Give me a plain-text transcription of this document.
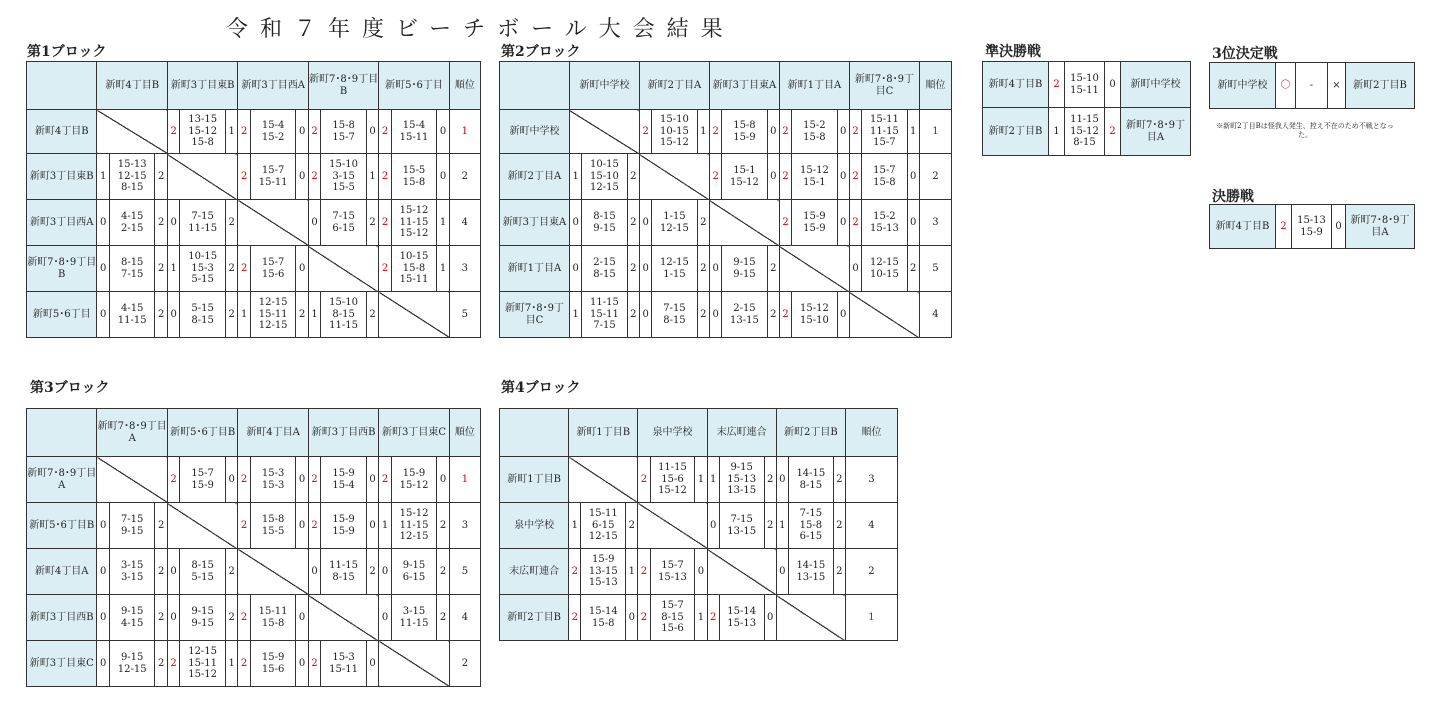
令和７年度ビーチボール大会結果
第1ブロック
	新町4丁目B			新町3丁目東B			新町3丁目西A			新町7･8･9丁目B			新町5･6丁目			順位
新町4丁目B				2	13-15
15-12
15-8	1	2	15-4
15-2	0	2	15-8
15-7	0	2	15-4
15-11	0	1
新町3丁目東B	1	15-13
12-15
8-15	2				2	15-7
15-11	0	2	15-10
3-15
15-5	1	2	15-5
15-8	0	2
新町3丁目西A	0	4-15
2-15	2	0	7-15
11-15	2				0	7-15
6-15	2	2	15-12
11-15
15-12	1	4
新町7･8･9丁目B	0	8-15
7-15	2	1	10-15
15-3
5-15	2	2	15-7
15-6	0				2	10-15
15-8
15-11	1	3
新町5･6丁目	0	4-15
11-15	2	0	5-15
8-15	2	1	12-15
15-11
12-15	2	1	15-10
8-15
11-15	2				5
第2ブロック
	新町中学校			新町2丁目A			新町3丁目東A			新町1丁目A			新町7･8･9丁目C			順位
新町中学校				2	15-10
10-15
15-12	1	2	15-8
15-9	0	2	15-2
15-8	0	2	15-11
11-15
15-7	1	1
新町2丁目A	1	10-15
15-10
12-15	2				2	15-1
15-12	0	2	15-12
15-1	0	2	15-7
15-8	0	2
新町3丁目東A	0	8-15
9-15	2	0	1-15
12-15	2				2	15-9
15-9	0	2	15-2
15-13	0	3
新町1丁目A	0	2-15
8-15	2	0	12-15
1-15	2	0	9-15
9-15	2				0	12-15
10-15	2	5
新町7･8･9丁目C	1	11-15
15-11
7-15	2	0	7-15
8-15	2	0	2-15
13-15	2	2	15-12
15-10	0				4
第3ブロック
	新町7･8･9丁目A			新町5･6丁目B			新町4丁目A			新町3丁目西B			新町3丁目東C			順位
新町7･8･9丁目A				2	15-7
15-9	0	2	15-3
15-3	0	2	15-9
15-4	0	2	15-9
15-12	0	1
新町5･6丁目B	0	7-15
9-15	2				2	15-8
15-5	0	2	15-9
15-9	0	1	15-12
11-15
12-15	2	3
新町4丁目A	0	3-15
3-15	2	0	8-15
5-15	2				0	11-15
8-15	2	0	9-15
6-15	2	5
新町3丁目西B	0	9-15
4-15	2	0	9-15
9-15	2	2	15-11
15-8	0				0	3-15
11-15	2	4
新町3丁目東C	0	9-15
12-15	2	2	12-15
15-11
15-12	1	2	15-9
15-6	0	2	15-3
15-11	0				2
第4ブロック
	新町1丁目B			泉中学校			末広町連合			新町2丁目B			順位
新町1丁目B				2	11-15
15-6
15-12	1	1	9-15
15-13
13-15	2	0	14-15
8-15	2	3
泉中学校	1	15-11
6-15
12-15	2				0	7-15
13-15	2	1	7-15
15-8
6-15	2	4
末広町連合	2	15-9
13-15
15-13	1	2	15-7
15-13	0				0	14-15
13-15	2	2
新町2丁目B	2	15-14
15-8	0	2	15-7
8-15
15-6	1	2	15-14
15-13	0				1
準決勝戦
新町4丁目B	2	15-10
15-11	0	新町中学校
新町2丁目B	1	11-15
15-12
8-15	2	新町7･8･9丁目A
3位決定戦
新町中学校	〇	-	×	新町2丁目B

※新町2丁目Bは怪我人発生、控え不在のため不戦となった。

決勝戦
新町4丁目B	2	15-13
15-9	0	新町7･8･9丁目A
